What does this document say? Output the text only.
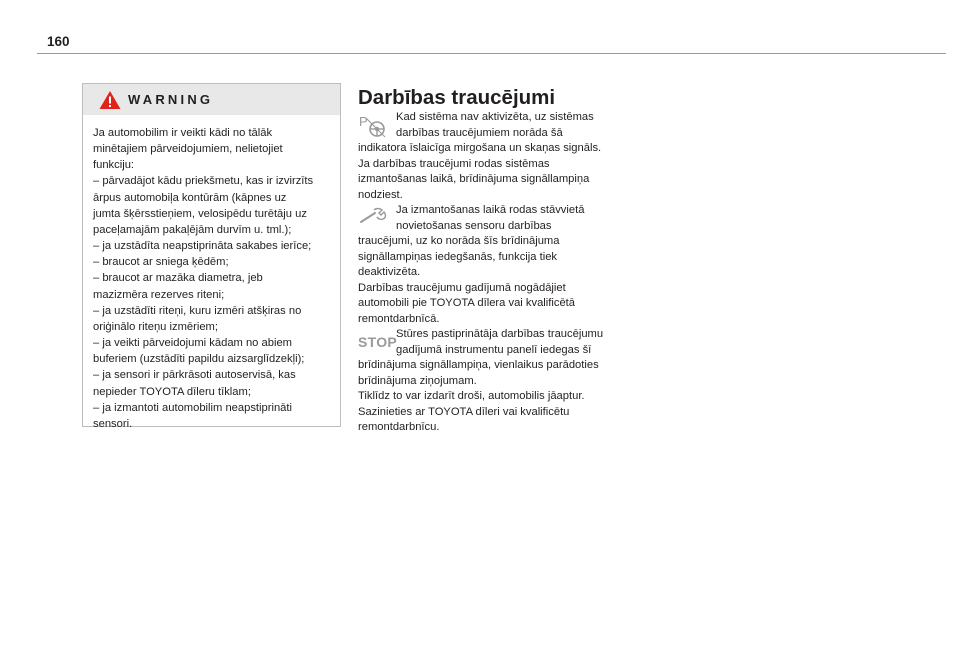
160
WARNING
Ja automobilim ir veikti kādi no tālāk
minētajiem pārveidojumiem, nelietojiet
funkciju:
– pārvadājot kādu priekšmetu, kas ir izvirzīts
ārpus automobiļa kontūrām (kāpnes uz
jumta šķērsstieņiem, velosipēdu turētāju uz
paceļamajām pakaļējām durvīm u. tml.);
– ja uzstādīta neapstiprināta sakabes ierīce;
– braucot ar sniega ķēdēm;
– braucot ar mazāka diametra, jeb
mazizmēra rezerves riteni;
– ja uzstādīti riteņi, kuru izmēri atšķiras no
oriģinālo riteņu izmēriem;
– ja veikti pārveidojumi kādam no abiem
buferiem (uzstādīti papildu aizsarglīdzekļi);
– ja sensori ir pārkrāsoti autoservisā, kas
nepieder TOYOTA dīleru tīklam;
– ja izmantoti automobilim neapstiprināti
sensori.
Darbības traucējumi
P	Kad sistēma nav aktivizēta, uz sistēmas
darbības traucējumiem norāda šā
indikatora īslaicīga mirgošana un skaņas signāls.
Ja darbības traucējumi rodas sistēmas
izmantošanas laikā, brīdinājuma signāllampiņa
nodziest.
Ja izmantošanas laikā rodas stāvvietā
novietošanas sensoru darbības
traucējumi, uz ko norāda šīs brīdinājuma
signāllampiņas iedegšanās, funkcija tiek
deaktivizēta.
Darbības traucējumu gadījumā nogādājiet
automobili pie TOYOTA dīlera vai kvalificētā
remontdarbnīcā.
STOP
Stūres pastiprinātāja darbības traucējumu
gadījumā instrumentu panelī iedegas šī
brīdinājuma signāllampiņa, vienlaikus parādoties
brīdinājuma ziņojumam.
Tiklīdz to var izdarīt droši, automobilis jāaptur.
Sazinieties ar TOYOTA dīleri vai kvalificētu
remontdarbnīcu.
